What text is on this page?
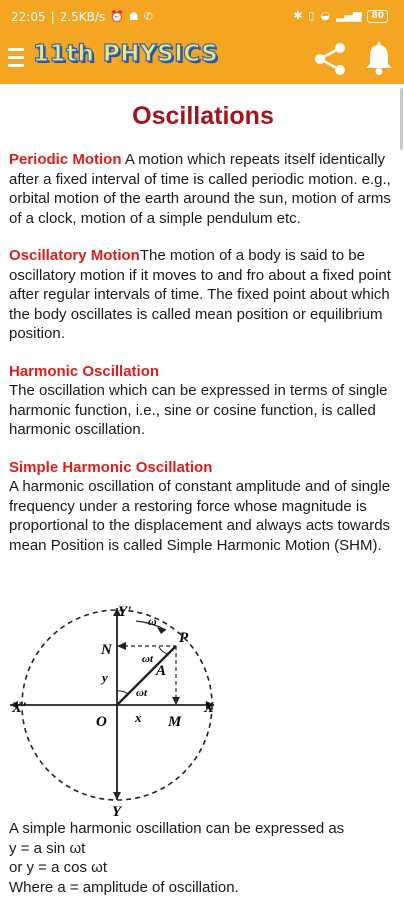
22:05 | 2.5KB/s ⏰ ☗ ✆	✱ ▯ ◒ ▂▄▆	80
11th PHYSICS
Oscillations

Periodic Motion A motion which repeats itself identically after a fixed interval of time is called periodic motion. e.g., orbital motion of the earth around the sun, motion of arms of a clock, motion of a simple pendulum etc.

Oscillatory MotionThe motion of a body is said to be oscillatory motion if it moves to and fro about a fixed point after regular intervals of time. The fixed point about which the body oscillates is called mean position or equilibrium position.

Harmonic Oscillation
The oscillation which can be expressed in terms of single harmonic function, i.e., sine or cosine function, is called harmonic oscillation.
Simple Harmonic Oscillation
A harmonic oscillation of constant amplitude and of single frequency under a restoring force whose magnitude is proportional to the displacement and always acts towards mean Position is called Simple Harmonic Motion (SHM).
Y'
Y
X'	X
O
P
N
M
A
x
y
ω
ωt
ωt

A simple harmonic oscillation can be expressed as

y = a sin ωt

or y = a cos ωt

Where a = amplitude of oscillation.
